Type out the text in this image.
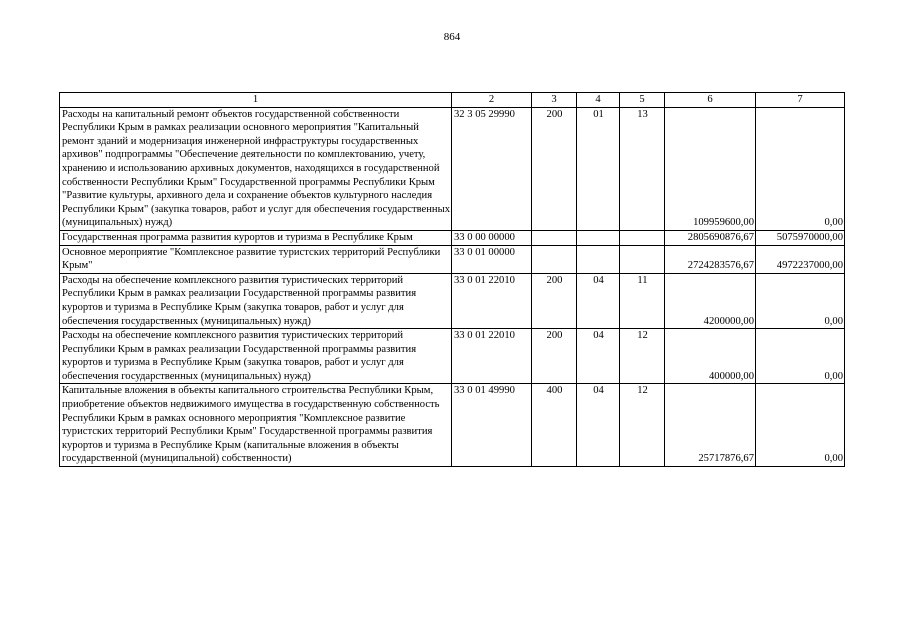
864
1	2	3	4	5	6	7
Расходы на капитальный ремонт объектов государственной собственности Республики Крым в рамках реализации основного мероприятия "Капитальный ремонт зданий и модернизация инженерной инфраструктуры государственных архивов" подпрограммы "Обеспечение деятельности по комплектованию, учету, хранению и использованию архивных документов, находящихся в государственной собственности Республики Крым" Государственной программы Республики Крым "Развитие культуры, архивного дела и сохранение объектов культурного наследия Республики Крым" (закупка товаров, работ и услуг для обеспечения государственных (муниципальных) нужд)	32 3 05 29990	200	01	13	109959600,00	0,00
Государственная программа развития курортов и туризма в Республике Крым	33 0 00 00000				2805690876,67	5075970000,00
Основное мероприятие "Комплексное развитие туристских территорий Республики Крым"	33 0 01 00000				2724283576,67	4972237000,00
Расходы на обеспечение комплексного развития туристических территорий Республики Крым в рамках реализации Государственной программы развития курортов и туризма в Республике Крым (закупка товаров, работ и услуг для обеспечения государственных (муниципальных) нужд)	33 0 01 22010	200	04	11	4200000,00	0,00
Расходы на обеспечение комплексного развития туристических территорий Республики Крым в рамках реализации Государственной программы развития курортов и туризма в Республике Крым (закупка товаров, работ и услуг для обеспечения государственных (муниципальных) нужд)	33 0 01 22010	200	04	12	400000,00	0,00
Капитальные вложения в объекты капитального строительства Республики Крым, приобретение объектов недвижимого имущества в государственную собственность Республики Крым в рамках основного мероприятия "Комплексное развитие туристских территорий Республики Крым" Государственной программы развития курортов и туризма в Республике Крым (капитальные вложения в объекты государственной (муниципальной) собственности)	33 0 01 49990	400	04	12	25717876,67	0,00
